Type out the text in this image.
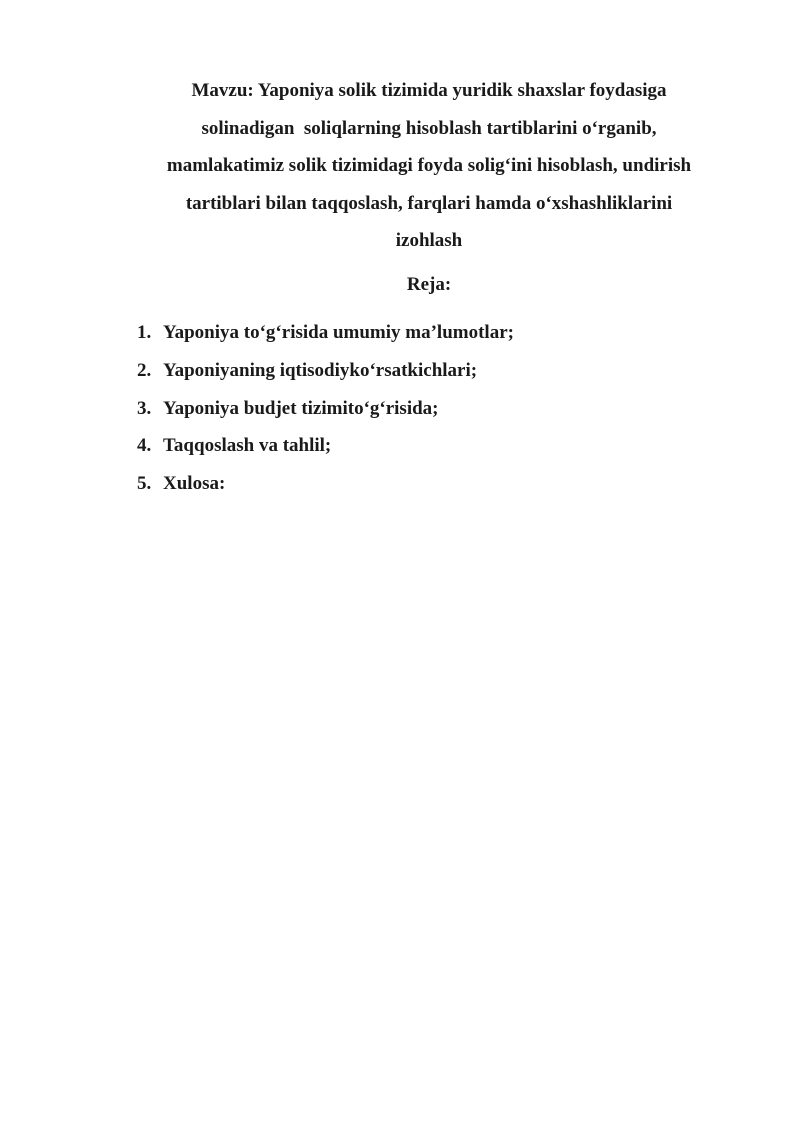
Mavzu: Yaponiya solik tizimida yuridik shaxslar foydasiga
solinadigan  soliqlarning hisoblash tartiblarini o‘rganib,
mamlakatimiz solik tizimidagi foyda solig‘ini hisoblash, undirish
tartiblari bilan taqqoslash, farqlari hamda o‘xshashliklarini
izohlash
Reja:
1. Yaponiya to‘g‘risida umumiy ma’lumotlar;
2. Yaponiyaning iqtisodiyko‘rsatkichlari;
3. Yaponiya budjet tizimito‘g‘risida;
4. Taqqoslash va tahlil;
5. Xulosa:
